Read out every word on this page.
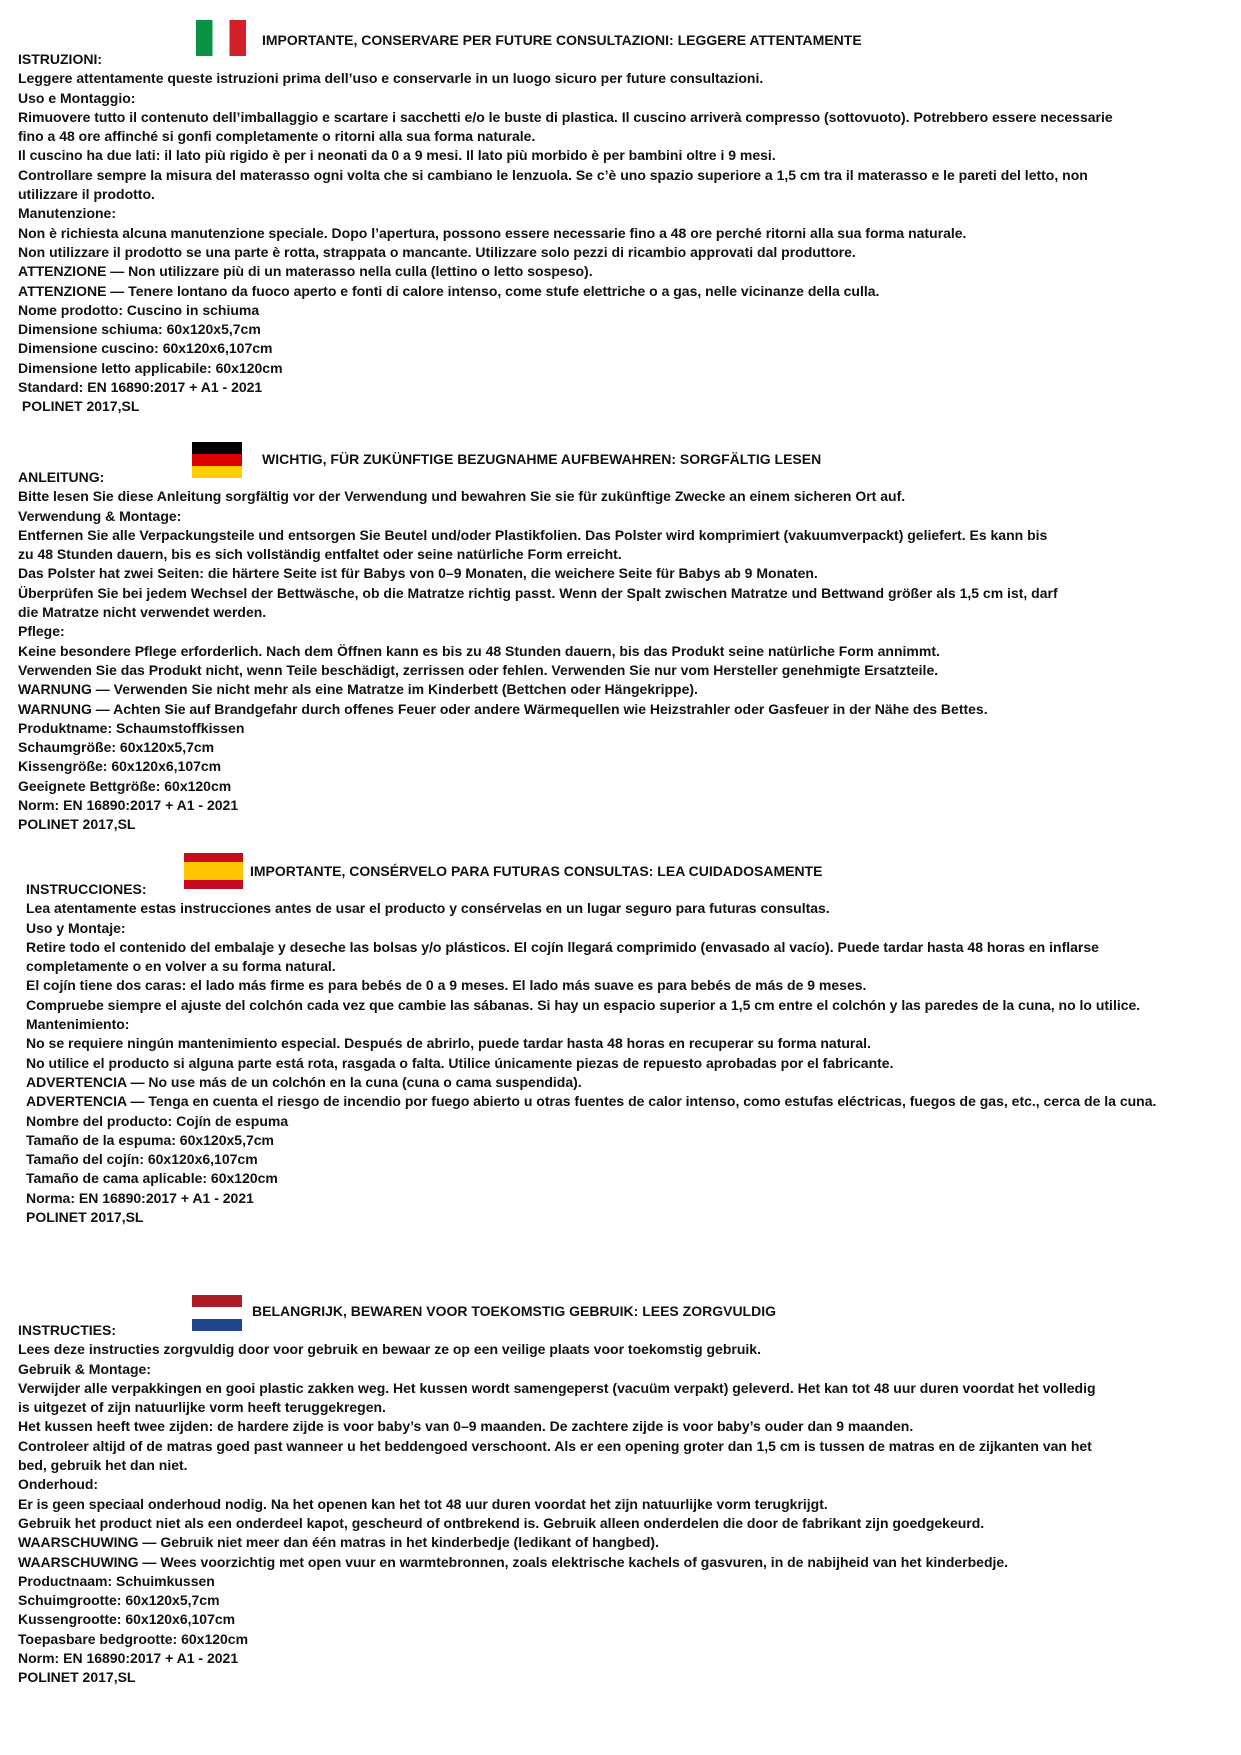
IMPORTANTE, CONSERVARE PER FUTURE CONSULTAZIONI: LEGGERE ATTENTAMENTE
ISTRUZIONI:
Leggere attentamente queste istruzioni prima dell’uso e conservarle in un luogo sicuro per future consultazioni.
Uso e Montaggio:
Rimuovere tutto il contenuto dell’imballaggio e scartare i sacchetti e/o le buste di plastica. Il cuscino arriverà compresso (sottovuoto). Potrebbero essere necessarie
fino a 48 ore affinché si gonfi completamente o ritorni alla sua forma naturale.
Il cuscino ha due lati: il lato più rigido è per i neonati da 0 a 9 mesi. Il lato più morbido è per bambini oltre i 9 mesi.
Controllare sempre la misura del materasso ogni volta che si cambiano le lenzuola. Se c’è uno spazio superiore a 1,5 cm tra il materasso e le pareti del letto, non
utilizzare il prodotto.
Manutenzione:
Non è richiesta alcuna manutenzione speciale. Dopo l’apertura, possono essere necessarie fino a 48 ore perché ritorni alla sua forma naturale.
Non utilizzare il prodotto se una parte è rotta, strappata o mancante. Utilizzare solo pezzi di ricambio approvati dal produttore.
ATTENZIONE — Non utilizzare più di un materasso nella culla (lettino o letto sospeso).
ATTENZIONE — Tenere lontano da fuoco aperto e fonti di calore intenso, come stufe elettriche o a gas, nelle vicinanze della culla.
Nome prodotto: Cuscino in schiuma
Dimensione schiuma: 60x120x5,7cm
Dimensione cuscino: 60x120x6,107cm
Dimensione letto applicabile: 60x120cm
Standard: EN 16890:2017 + A1 - 2021
POLINET 2017,SL
WICHTIG, FÜR ZUKÜNFTIGE BEZUGNAHME AUFBEWAHREN: SORGFÄLTIG LESEN
ANLEITUNG:
Bitte lesen Sie diese Anleitung sorgfältig vor der Verwendung und bewahren Sie sie für zukünftige Zwecke an einem sicheren Ort auf.
Verwendung & Montage:
Entfernen Sie alle Verpackungsteile und entsorgen Sie Beutel und/oder Plastikfolien. Das Polster wird komprimiert (vakuumverpackt) geliefert. Es kann bis
zu 48 Stunden dauern, bis es sich vollständig entfaltet oder seine natürliche Form erreicht.
Das Polster hat zwei Seiten: die härtere Seite ist für Babys von 0–9 Monaten, die weichere Seite für Babys ab 9 Monaten.
Überprüfen Sie bei jedem Wechsel der Bettwäsche, ob die Matratze richtig passt. Wenn der Spalt zwischen Matratze und Bettwand größer als 1,5 cm ist, darf
die Matratze nicht verwendet werden.
Pflege:
Keine besondere Pflege erforderlich. Nach dem Öffnen kann es bis zu 48 Stunden dauern, bis das Produkt seine natürliche Form annimmt.
Verwenden Sie das Produkt nicht, wenn Teile beschädigt, zerrissen oder fehlen. Verwenden Sie nur vom Hersteller genehmigte Ersatzteile.
WARNUNG — Verwenden Sie nicht mehr als eine Matratze im Kinderbett (Bettchen oder Hängekrippe).
WARNUNG — Achten Sie auf Brandgefahr durch offenes Feuer oder andere Wärmequellen wie Heizstrahler oder Gasfeuer in der Nähe des Bettes.
Produktname: Schaumstoffkissen
Schaumgröße: 60x120x5,7cm
Kissengröße: 60x120x6,107cm
Geeignete Bettgröße: 60x120cm
Norm: EN 16890:2017 + A1 - 2021
POLINET 2017,SL
IMPORTANTE, CONSÉRVELO PARA FUTURAS CONSULTAS: LEA CUIDADOSAMENTE
INSTRUCCIONES:
Lea atentamente estas instrucciones antes de usar el producto y consérvelas en un lugar seguro para futuras consultas.
Uso y Montaje:
Retire todo el contenido del embalaje y deseche las bolsas y/o plásticos. El cojín llegará comprimido (envasado al vacío). Puede tardar hasta 48 horas en inflarse
completamente o en volver a su forma natural.
El cojín tiene dos caras: el lado más firme es para bebés de 0 a 9 meses. El lado más suave es para bebés de más de 9 meses.
Compruebe siempre el ajuste del colchón cada vez que cambie las sábanas. Si hay un espacio superior a 1,5 cm entre el colchón y las paredes de la cuna, no lo utilice.
Mantenimiento:
No se requiere ningún mantenimiento especial. Después de abrirlo, puede tardar hasta 48 horas en recuperar su forma natural.
No utilice el producto si alguna parte está rota, rasgada o falta. Utilice únicamente piezas de repuesto aprobadas por el fabricante.
ADVERTENCIA — No use más de un colchón en la cuna (cuna o cama suspendida).
ADVERTENCIA — Tenga en cuenta el riesgo de incendio por fuego abierto u otras fuentes de calor intenso, como estufas eléctricas, fuegos de gas, etc., cerca de la cuna.
Nombre del producto: Cojín de espuma
Tamaño de la espuma: 60x120x5,7cm
Tamaño del cojín: 60x120x6,107cm
Tamaño de cama aplicable: 60x120cm
Norma: EN 16890:2017 + A1 - 2021
POLINET 2017,SL
BELANGRIJK, BEWAREN VOOR TOEKOMSTIG GEBRUIK: LEES ZORGVULDIG
INSTRUCTIES:
Lees deze instructies zorgvuldig door voor gebruik en bewaar ze op een veilige plaats voor toekomstig gebruik.
Gebruik & Montage:
Verwijder alle verpakkingen en gooi plastic zakken weg. Het kussen wordt samengeperst (vacuüm verpakt) geleverd. Het kan tot 48 uur duren voordat het volledig
is uitgezet of zijn natuurlijke vorm heeft teruggekregen.
Het kussen heeft twee zijden: de hardere zijde is voor baby’s van 0–9 maanden. De zachtere zijde is voor baby’s ouder dan 9 maanden.
Controleer altijd of de matras goed past wanneer u het beddengoed verschoont. Als er een opening groter dan 1,5 cm is tussen de matras en de zijkanten van het
bed, gebruik het dan niet.
Onderhoud:
Er is geen speciaal onderhoud nodig. Na het openen kan het tot 48 uur duren voordat het zijn natuurlijke vorm terugkrijgt.
Gebruik het product niet als een onderdeel kapot, gescheurd of ontbrekend is. Gebruik alleen onderdelen die door de fabrikant zijn goedgekeurd.
WAARSCHUWING — Gebruik niet meer dan één matras in het kinderbedje (ledikant of hangbed).
WAARSCHUWING — Wees voorzichtig met open vuur en warmtebronnen, zoals elektrische kachels of gasvuren, in de nabijheid van het kinderbedje.
Productnaam: Schuimkussen
Schuimgrootte: 60x120x5,7cm
Kussengrootte: 60x120x6,107cm
Toepasbare bedgrootte: 60x120cm
Norm: EN 16890:2017 + A1 - 2021
POLINET 2017,SL
